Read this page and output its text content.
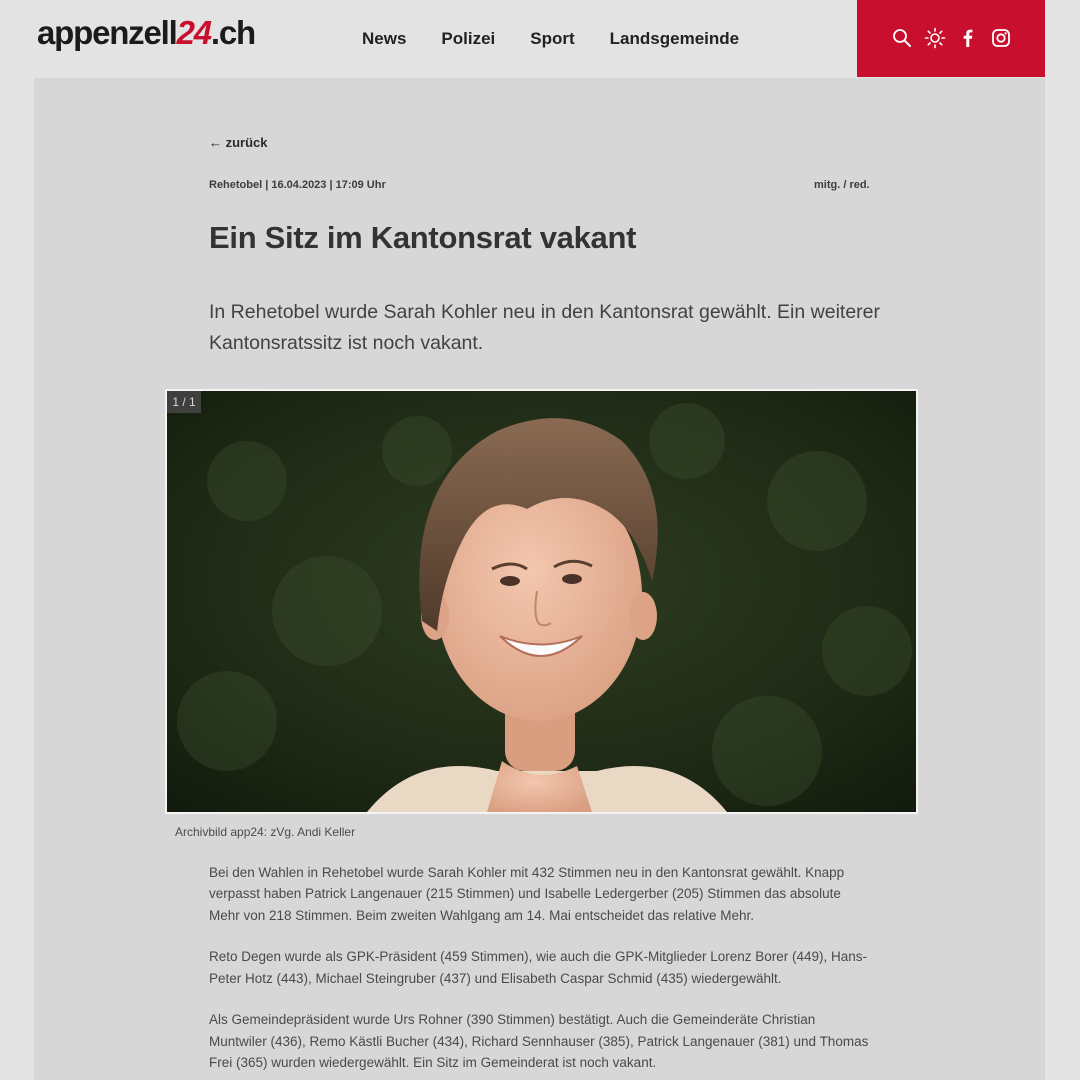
appenzell24.ch	News Polizei Sport Landsgemeinde
← zurück
Rehetobel | 16.04.2023 | 17:09 Uhr	mitg. / red.
Ein Sitz im Kantonsrat vakant

In Rehetobel wurde Sarah Kohler neu in den Kantonsrat gewählt. Ein weiterer Kantonsratssitz ist noch vakant.

1 / 1
Archivbild app24: zVg. Andi Keller

Bei den Wahlen in Rehetobel wurde Sarah Kohler mit 432 Stimmen neu in den Kantonsrat gewählt. Knapp verpasst haben Patrick Langenauer (215 Stimmen) und Isabelle Ledergerber (205) Stimmen das absolute Mehr von 218 Stimmen. Beim zweiten Wahlgang am 14. Mai entscheidet das relative Mehr.

Reto Degen wurde als GPK-Präsident (459 Stimmen), wie auch die GPK-Mitglieder Lorenz Borer (449), Hans-Peter Hotz (443), Michael Steingruber (437) und Elisabeth Caspar Schmid (435) wiedergewählt.

Als Gemeindepräsident wurde Urs Rohner (390 Stimmen) bestätigt. Auch die Gemeinderäte Christian Muntwiler (436), Remo Kästli Bucher (434), Richard Sennhauser (385), Patrick Langenauer (381) und Thomas Frei (365) wurden wiedergewählt. Ein Sitz im Gemeinderat ist noch vakant.
